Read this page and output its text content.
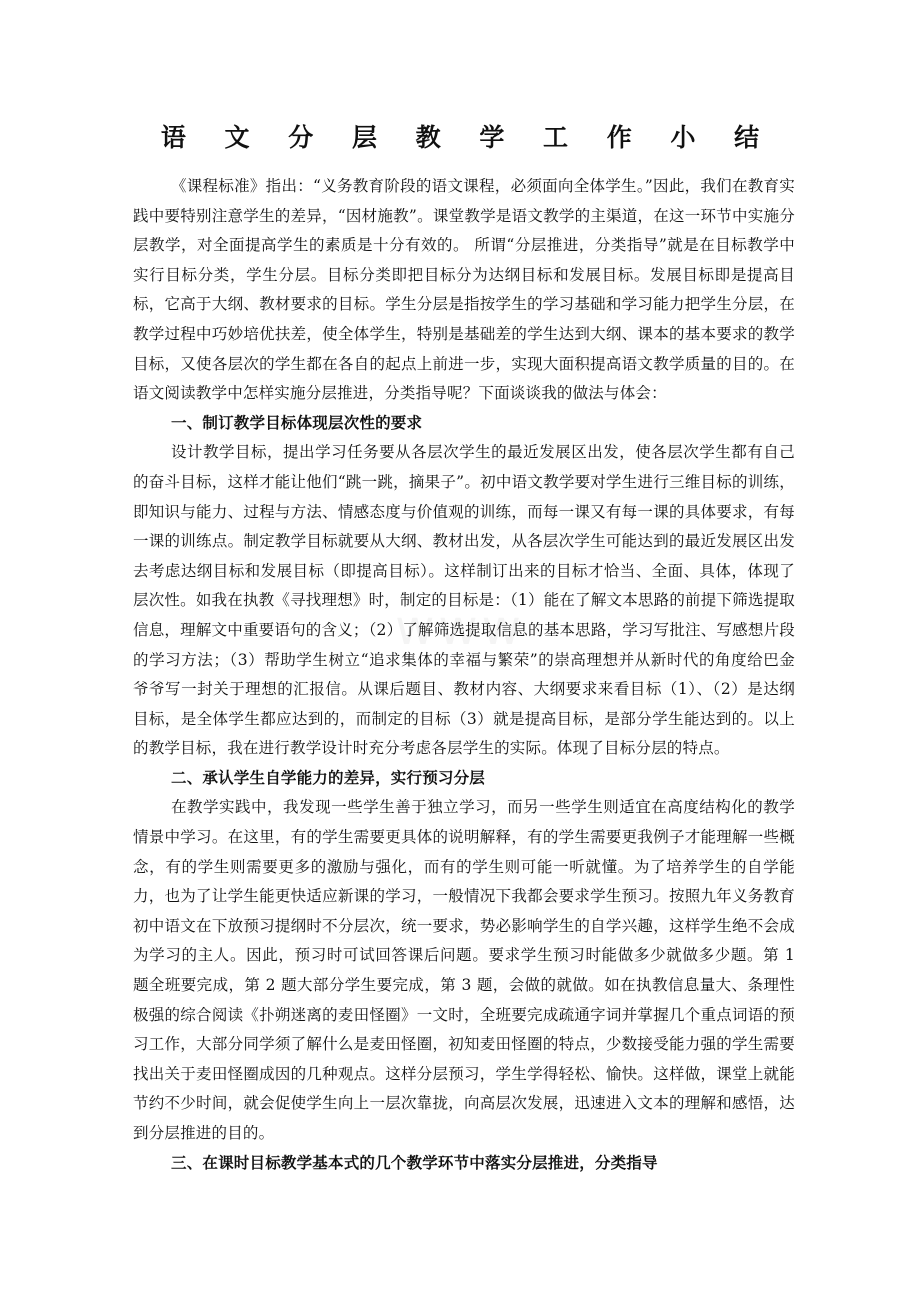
语 文 分 层 教 学 工 作 小 结

《课程标准》指出：“义务教育阶段的语文课程，必须面向全体学生。”因此，我们在教育实践中要特别注意学生的差异，“因材施教”。课堂教学是语文教学的主渠道，在这一环节中实施分层教学，对全面提高学生的素质是十分有效的。 所谓“分层推进，分类指导”就是在目标教学中实行目标分类，学生分层。目标分类即把目标分为达纲目标和发展目标。发展目标即是提高目标，它高于大纲、教材要求的目标。学生分层是指按学生的学习基础和学习能力把学生分层，在教学过程中巧妙培优扶差，使全体学生，特别是基础差的学生达到大纲、课本的基本要求的教学目标，又使各层次的学生都在各自的起点上前进一步，实现大面积提高语文教学质量的目的。在语文阅读教学中怎样实施分层推进，分类指导呢？下面谈谈我的做法与体会：

一、制订教学目标体现层次性的要求

设计教学目标，提出学习任务要从各层次学生的最近发展区出发，使各层次学生都有自己的奋斗目标，这样才能让他们“跳一跳，摘果子”。初中语文教学要对学生进行三维目标的训练，即知识与能力、过程与方法、情感态度与价值观的训练，而每一课又有每一课的具体要求，有每一课的训练点。制定教学目标就要从大纲、教材出发，从各层次学生可能达到的最近发展区出发去考虑达纲目标和发展目标（即提高目标）。这样制订出来的目标才恰当、全面、具体，体现了层次性。如我在执教《寻找理想》时，制定的目标是：（1）能在了解文本思路的前提下筛选提取信息，理解文中重要语句的含义；（2）了解筛选提取信息的基本思路，学习写批注、写感想片段的学习方法；（3）帮助学生树立“追求集体的幸福与繁荣”的崇高理想并从新时代的角度给巴金爷爷写一封关于理想的汇报信。从课后题目、教材内容、大纲要求来看目标（1）、（2）是达纲目标，是全体学生都应达到的，而制定的目标（3）就是提高目标，是部分学生能达到的。以上的教学目标，我在进行教学设计时充分考虑各层学生的实际。体现了目标分层的特点。

二、承认学生自学能力的差异，实行预习分层

在教学实践中，我发现一些学生善于独立学习，而另一些学生则适宜在高度结构化的教学情景中学习。在这里，有的学生需要更具体的说明解释，有的学生需要更我例子才能理解一些概念，有的学生则需要更多的激励与强化，而有的学生则可能一听就懂。为了培养学生的自学能力，也为了让学生能更快适应新课的学习，一般情况下我都会要求学生预习。按照九年义务教育初中语文在下放预习提纲时不分层次，统一要求，势必影响学生的自学兴趣，这样学生绝不会成为学习的主人。因此，预习时可试回答课后问题。要求学生预习时能做多少就做多少题。第 1 题全班要完成，第 2 题大部分学生要完成，第 3 题，会做的就做。如在执教信息量大、条理性极强的综合阅读《扑朔迷离的麦田怪圈》一文时，全班要完成疏通字词并掌握几个重点词语的预习工作，大部分同学须了解什么是麦田怪圈，初知麦田怪圈的特点，少数接受能力强的学生需要找出关于麦田怪圈成因的几种观点。这样分层预习，学生学得轻松、愉快。这样做，课堂上就能节约不少时间，就会促使学生向上一层次靠拢，向高层次发展，迅速进入文本的理解和感悟，达到分层推进的目的。

三、在课时目标教学基本式的几个教学环节中落实分层推进，分类指导
